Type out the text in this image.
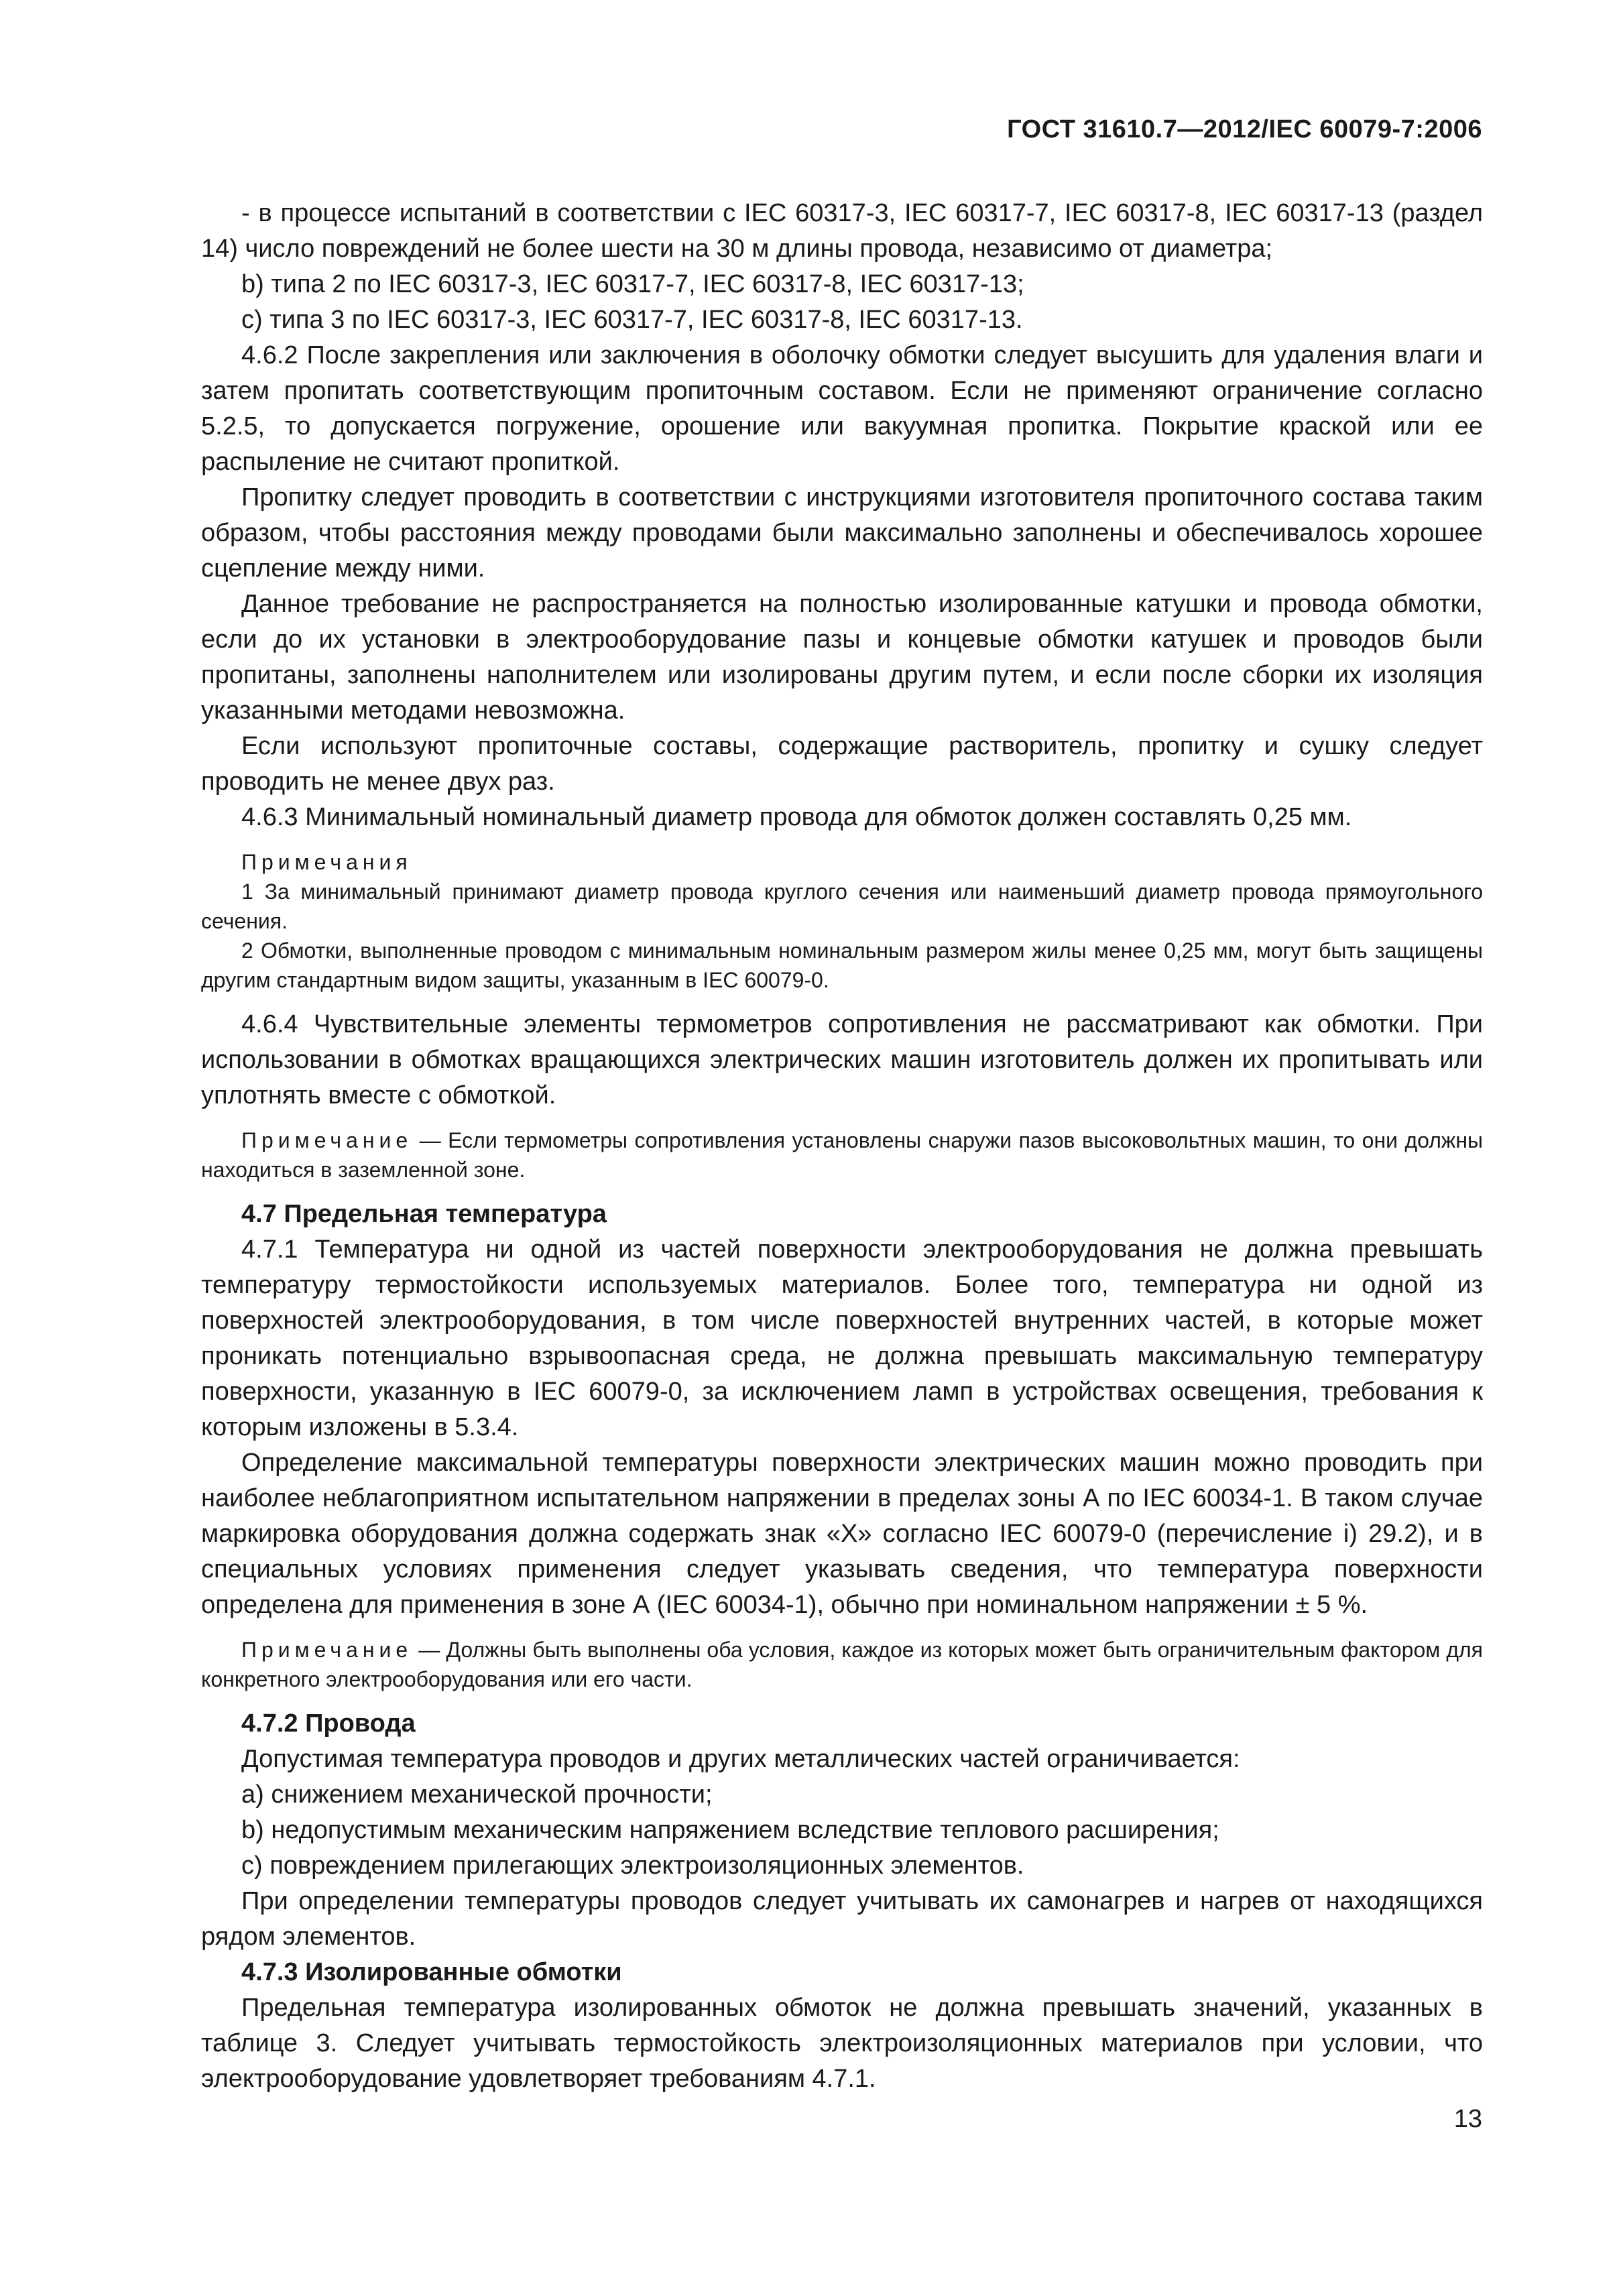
ГОСТ 31610.7—2012/IEC 60079-7:2006

- в процессе испытаний в соответствии с IEC 60317-3, IEC 60317-7, IEC 60317-8, IEC 60317-13 (раздел 14) число повреждений не более шести на 30 м длины провода, независимо от диаметра;

b) типа 2 по IEC 60317-3, IEC 60317-7, IEC 60317-8, IEC 60317-13;

c) типа 3 по IEC 60317-3, IEC 60317-7, IEC 60317-8, IEC 60317-13.

4.6.2 После закрепления или заключения в оболочку обмотки следует высушить для удаления влаги и затем пропитать соответствующим пропиточным составом. Если не применяют ограничение согласно 5.2.5, то допускается погружение, орошение или вакуумная пропитка. Покрытие краской или ее распыление не считают пропиткой.

Пропитку следует проводить в соответствии с инструкциями изготовителя пропиточного состава таким образом, чтобы расстояния между проводами были максимально заполнены и обеспечивалось хорошее сцепление между ними.

Данное требование не распространяется на полностью изолированные катушки и провода обмотки, если до их установки в электрооборудование пазы и концевые обмотки катушек и проводов были пропитаны, заполнены наполнителем или изолированы другим путем, и если после сборки их изоляция указанными методами невозможна.

Если используют пропиточные составы, содержащие растворитель, пропитку и сушку следует проводить не менее двух раз.

4.6.3 Минимальный номинальный диаметр провода для обмоток должен составлять 0,25 мм.

Примечания

1 За минимальный принимают диаметр провода круглого сечения или наименьший диаметр провода прямоугольного сечения.

2 Обмотки, выполненные проводом с минимальным номинальным размером жилы менее 0,25 мм, могут быть защищены другим стандартным видом защиты, указанным в IEC 60079-0.

4.6.4 Чувствительные элементы термометров сопротивления не рассматривают как обмотки. При использовании в обмотках вращающихся электрических машин изготовитель должен их пропитывать или уплотнять вместе с обмоткой.

Примечание — Если термометры сопротивления установлены снаружи пазов высоковольтных машин, то они должны находиться в заземленной зоне.

4.7 Предельная температура

4.7.1 Температура ни одной из частей поверхности электрооборудования не должна превышать температуру термостойкости используемых материалов. Более того, температура ни одной из поверхностей электрооборудования, в том числе поверхностей внутренних частей, в которые может проникать потенциально взрывоопасная среда, не должна превышать максимальную температуру поверхности, указанную в IEC 60079-0, за исключением ламп в устройствах освещения, требования к которым изложены в 5.3.4.

Определение максимальной температуры поверхности электрических машин можно проводить при наиболее неблагоприятном испытательном напряжении в пределах зоны А по IEC 60034-1. В таком случае маркировка оборудования должна содержать знак «X» согласно IEC 60079-0 (перечисление i) 29.2), и в специальных условиях применения следует указывать сведения, что температура поверхности определена для применения в зоне А (IEC 60034-1), обычно при номинальном напряжении ± 5 %.

Примечание — Должны быть выполнены оба условия, каждое из которых может быть ограничительным фактором для конкретного электрооборудования или его части.

4.7.2 Провода

Допустимая температура проводов и других металлических частей ограничивается:

а) снижением механической прочности;

b) недопустимым механическим напряжением вследствие теплового расширения;

c) повреждением прилегающих электроизоляционных элементов.

При определении температуры проводов следует учитывать их самонагрев и нагрев от находящихся рядом элементов.

4.7.3 Изолированные обмотки

Предельная температура изолированных обмоток не должна превышать значений, указанных в таблице 3. Следует учитывать термостойкость электроизоляционных материалов при условии, что электрооборудование удовлетворяет требованиям 4.7.1.

13
